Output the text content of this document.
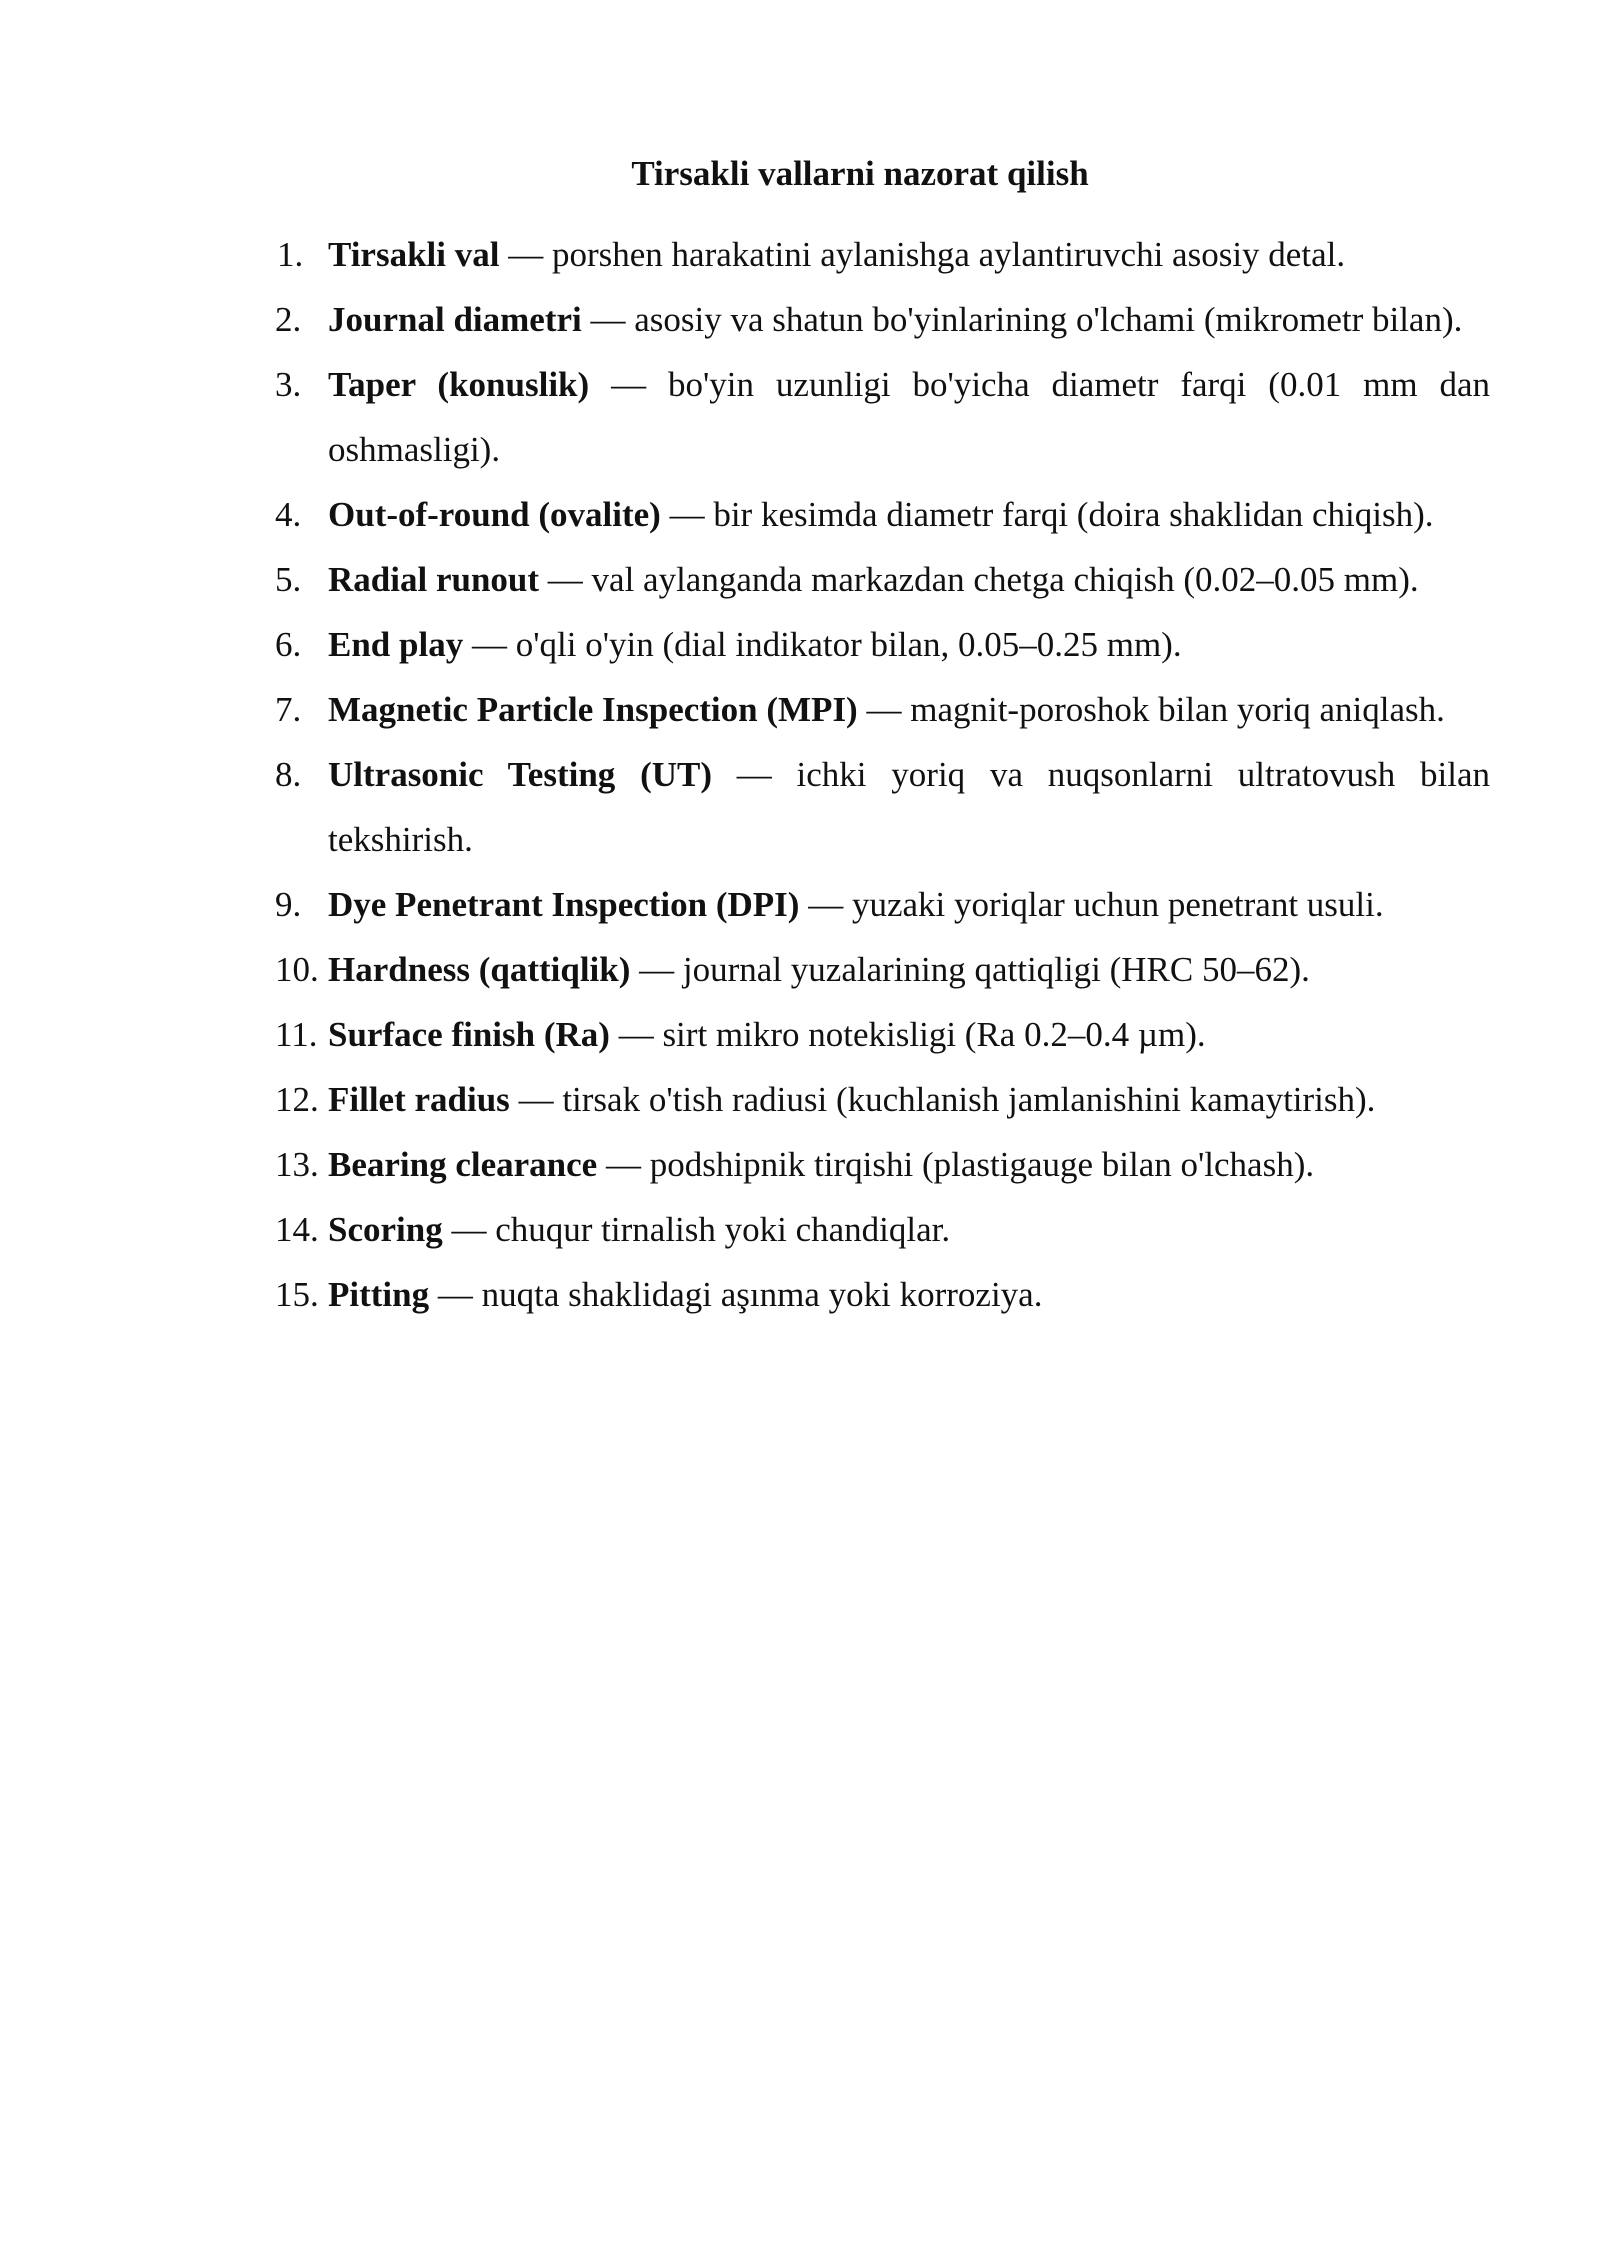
Tirsakli vallarni nazorat qilish
1. Tirsakli val — porshen harakatini aylanishga aylantiruvchi asosiy detal.
2. Journal diametri — asosiy va shatun bo'yinlarining o'lchami (mikrometr bilan).
3. Taper (konuslik) — bo'yin uzunligi bo'yicha diametr farqi (0.01 mm dan oshmasligi).
4. Out-of-round (ovalite) — bir kesimda diametr farqi (doira shaklidan chiqish).
5. Radial runout — val aylanganda markazdan chetga chiqish (0.02–0.05 mm).
6. End play — o'qli o'yin (dial indikator bilan, 0.05–0.25 mm).
7. Magnetic Particle Inspection (MPI) — magnit-poroshok bilan yoriq aniqlash.
8. Ultrasonic Testing (UT) — ichki yoriq va nuqsonlarni ultratovush bilan tekshirish.
9. Dye Penetrant Inspection (DPI) — yuzaki yoriqlar uchun penetrant usuli.
10. Hardness (qattiqlik) — journal yuzalarining qattiqligi (HRC 50–62).
11. Surface finish (Ra) — sirt mikro notekisligi (Ra 0.2–0.4 µm).
12. Fillet radius — tirsak o'tish radiusi (kuchlanish jamlanishini kamaytirish).
13. Bearing clearance — podshipnik tirqishi (plastigauge bilan o'lchash).
14. Scoring — chuqur tirnalish yoki chandiqlar.
15. Pitting — nuqta shaklidagi aşınma yoki korroziya.
